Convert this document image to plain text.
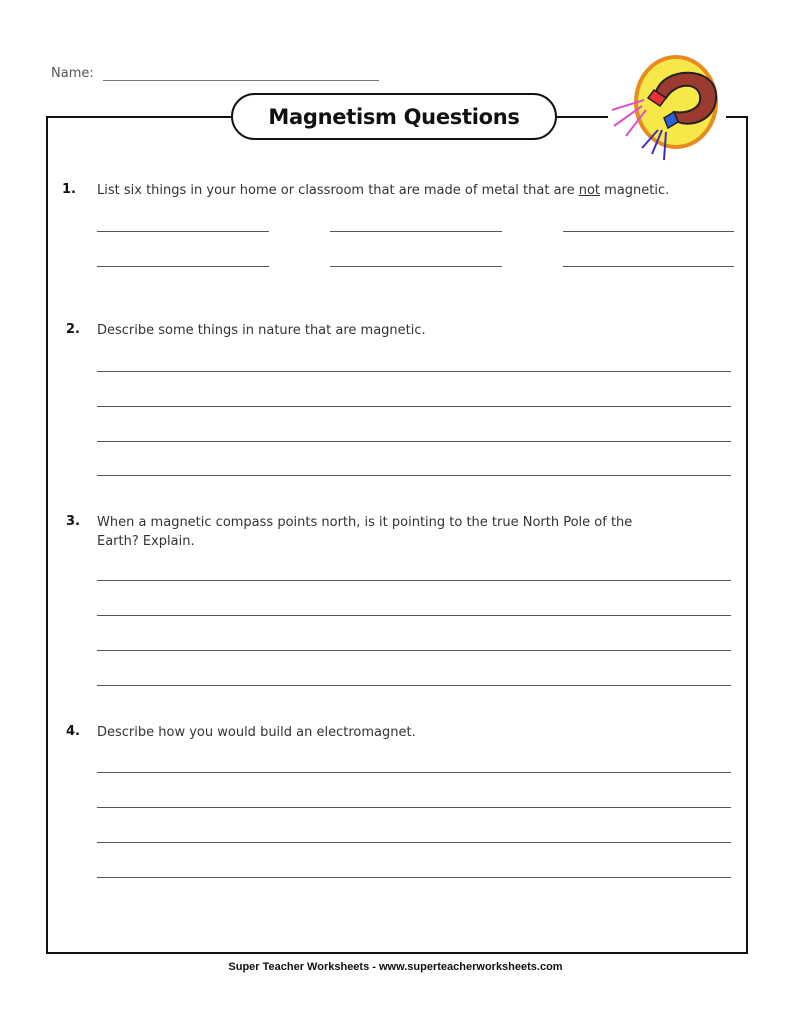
Name:
Magnetism Questions
1. List six things in your home or classroom that are made of metal that are not magnetic.
2. Describe some things in nature that are magnetic.
3. When a magnetic compass points north, is it pointing to the true North Pole of the
Earth? Explain.
4. Describe how you would build an electromagnet.
Super Teacher Worksheets - www.superteacherworksheets.com
